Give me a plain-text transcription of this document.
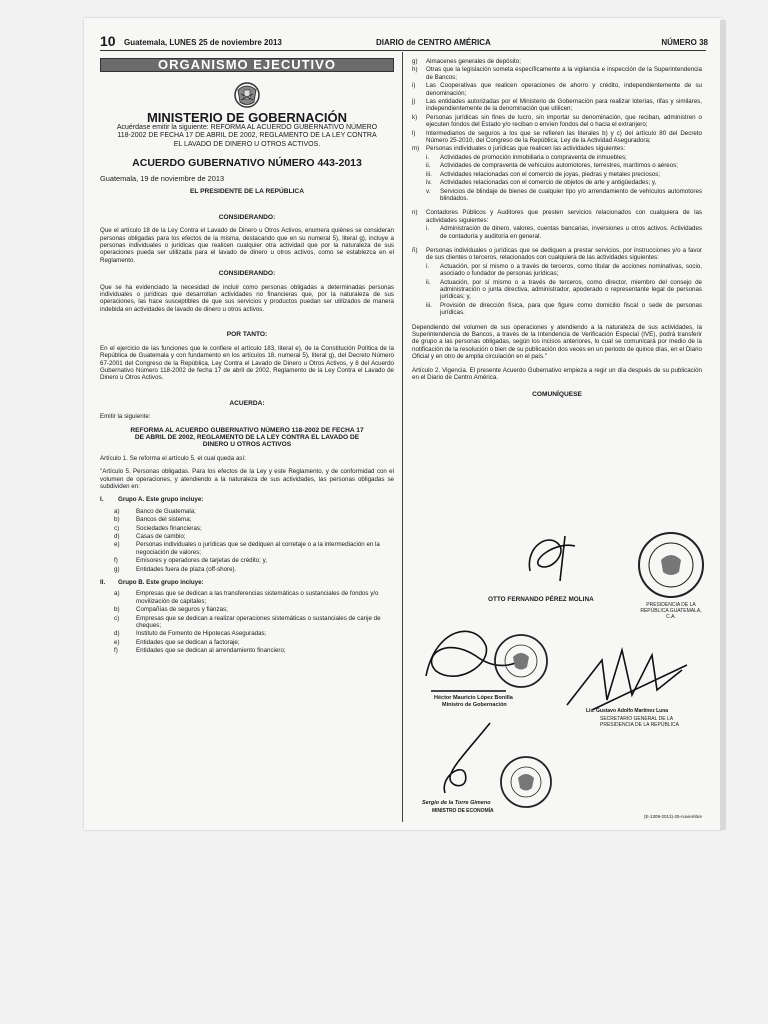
10 Guatemala, LUNES 25 de noviembre 2013	DIARIO de CENTRO AMÉRICA	NÚMERO 38
ORGANISMO EJECUTIVO
MINISTERIO DE GOBERNACIÓN
Acuérdase emitir la siguiente: REFORMA AL ACUERDO GUBERNATIVO NÚMERO 118-2002 DE FECHA 17 DE ABRIL DE 2002, REGLAMENTO DE LA LEY CONTRA EL LAVADO DE DINERO U OTROS ACTIVOS.
ACUERDO GUBERNATIVO NÚMERO 443-2013
Guatemala, 19 de noviembre de 2013
EL PRESIDENTE DE LA REPÚBLICA
CONSIDERANDO:

Que el artículo 18 de la Ley Contra el Lavado de Dinero u Otros Activos, enumera quiénes se consideran personas obligadas para los efectos de la misma, destacando que en su numeral 5), literal g), incluye a personas individuales o jurídicas que realicen cualquier otra actividad que por la naturaleza de sus operaciones pueda ser utilizada para el lavado de dinero u otros activos, como se establezca en el Reglamento.

CONSIDERANDO:

Que se ha evidenciado la necesidad de incluir como personas obligadas a determinadas personas individuales o jurídicas que desarrollan actividades no financieras que, por la naturaleza de sus operaciones, las hace susceptibles de que sus servicios y productos puedan ser utilizados de manera indebida en actividades de lavado de dinero u otros activos.

POR TANTO:

En el ejercicio de las funciones que le confiere el artículo 183, literal e), de la Constitución Política de la República de Guatemala y con fundamento en los artículos 18, numeral 5), literal g), del Decreto Número 67-2001 del Congreso de la República, Ley Contra el Lavado de Dinero u Otros Activos, y 8 del Acuerdo Gubernativo Número 118-2002 de fecha 17 de abril de 2002, Reglamento de la Ley Contra el Lavado de Dinero u Otros Activos.

ACUERDA:

Emitir la siguiente:

REFORMA AL ACUERDO GUBERNATIVO NÚMERO 118-2002 DE FECHA 17 DE ABRIL DE 2002, REGLAMENTO DE LA LEY CONTRA EL LAVADO DE DINERO U OTROS ACTIVOS

Artículo 1. Se reforma el artículo 5, el cual queda así:

"Artículo 5. Personas obligadas. Para los efectos de la Ley y este Reglamento, y de conformidad con el volumen de operaciones, y atendiendo a la naturaleza de sus actividades, las personas obligadas se subdividen en:

I. Grupo A. Este grupo incluye:
a)	Banco de Guatemala;
b)	Bancos del sistema;
c)	Sociedades financieras;
d)	Casas de cambio;
e)	Personas individuales o jurídicas que se dediquen al corretaje o a la intermediación en la negociación de valores;
f)	Emisores y operadores de tarjetas de crédito; y,
g)	Entidades fuera de plaza (off-shore).
II. Grupo B. Este grupo incluye:
a)	Empresas que se dedican a las transferencias sistemáticas o sustanciales de fondos y/o movilización de capitales;
b)	Compañías de seguros y fianzas;
c)	Empresas que se dedican a realizar operaciones sistemáticas o sustanciales de canje de cheques;
d)	Instituto de Fomento de Hipotecas Aseguradas;
e)	Entidades que se dedican a factoraje;
f)	Entidades que se dedican al arrendamiento financiero;
g)	Almacenes generales de depósito;
h)	Otras que la legislación someta específicamente a la vigilancia e inspección de la Superintendencia de Bancos;
i)	Las Cooperativas que realicen operaciones de ahorro y crédito, independientemente de su denominación;
j)	Las entidades autorizadas por el Ministerio de Gobernación para realizar loterías, rifas y similares, independientemente de la denominación que utilicen;
k)	Personas jurídicas sin fines de lucro, sin importar su denominación, que reciban, administren o ejecuten fondos del Estado y/o reciban o envíen fondos del o hacia el extranjero;
l)	Intermediarios de seguros a los que se refieren las literales b) y c) del artículo 80 del Decreto Número 25-2010, del Congreso de la República, Ley de la Actividad Aseguradora;
m)	Personas individuales o jurídicas que realicen las actividades siguientes:
i.	Actividades de promoción inmobiliaria o compraventa de inmuebles;
ii.	Actividades de compraventa de vehículos automotores, terrestres, marítimos o aéreos;
iii.	Actividades relacionadas con el comercio de joyas, piedras y metales preciosos;
iv.	Actividades relacionadas con el comercio de objetos de arte y antigüedades; y,
v.	Servicios de blindaje de bienes de cualquier tipo y/o arrendamiento de vehículos automotores blindados.
n)	Contadores Públicos y Auditores que presten servicios relacionados con cualquiera de las actividades siguientes:
i.	Administración de dinero, valores, cuentas bancarias, inversiones u otros activos. Actividades de contaduría y auditoría en general.
ñ)	Personas individuales o jurídicas que se dediquen a prestar servicios, por instrucciones y/o a favor de sus clientes o terceros, relacionados con cualquiera de las actividades siguientes:
i.	Actuación, por sí mismo o a través de terceros, como titular de acciones nominativas, socio, asociado o fundador de personas jurídicas;
ii.	Actuación, por sí mismo o a través de terceros, como director, miembro del consejo de administración o junta directiva, administrador, apoderado o representante legal de personas jurídicas; y,
iii.	Provisión de dirección física, para que figure como domicilio fiscal o sede de personas jurídicas.

Dependiendo del volumen de sus operaciones y atendiendo a la naturaleza de sus actividades, la Superintendencia de Bancos, a través de la Intendencia de Verificación Especial (IVE), podrá transferir de grupo a las personas obligadas, según los incisos anteriores, lo cual se comunicará por medio de la notificación de la resolución o bien de su publicación dos veces en un periodo de quince días, en el Diario Oficial y en otro de amplia circulación en el país."

Artículo 2. Vigencia. El presente Acuerdo Gubernativo empieza a regir un día después de su publicación en el Diario de Centro América.

COMUNÍQUESE
OTTO FERNANDO PÉREZ MOLINA
PRESIDENCIA DE LA REPÚBLICA GUATEMALA, C.A.
Héctor Mauricio López Bonilla
Ministro de Gobernación
Lic. Gustavo Adolfo Martínez Luna
SECRETARIO GENERAL DE LA PRESIDENCIA DE LA REPÚBLICA
Sergio de la Torre Gimeno
MINISTRO DE ECONOMÍA
(E-1309-2013)-25-noviembre
